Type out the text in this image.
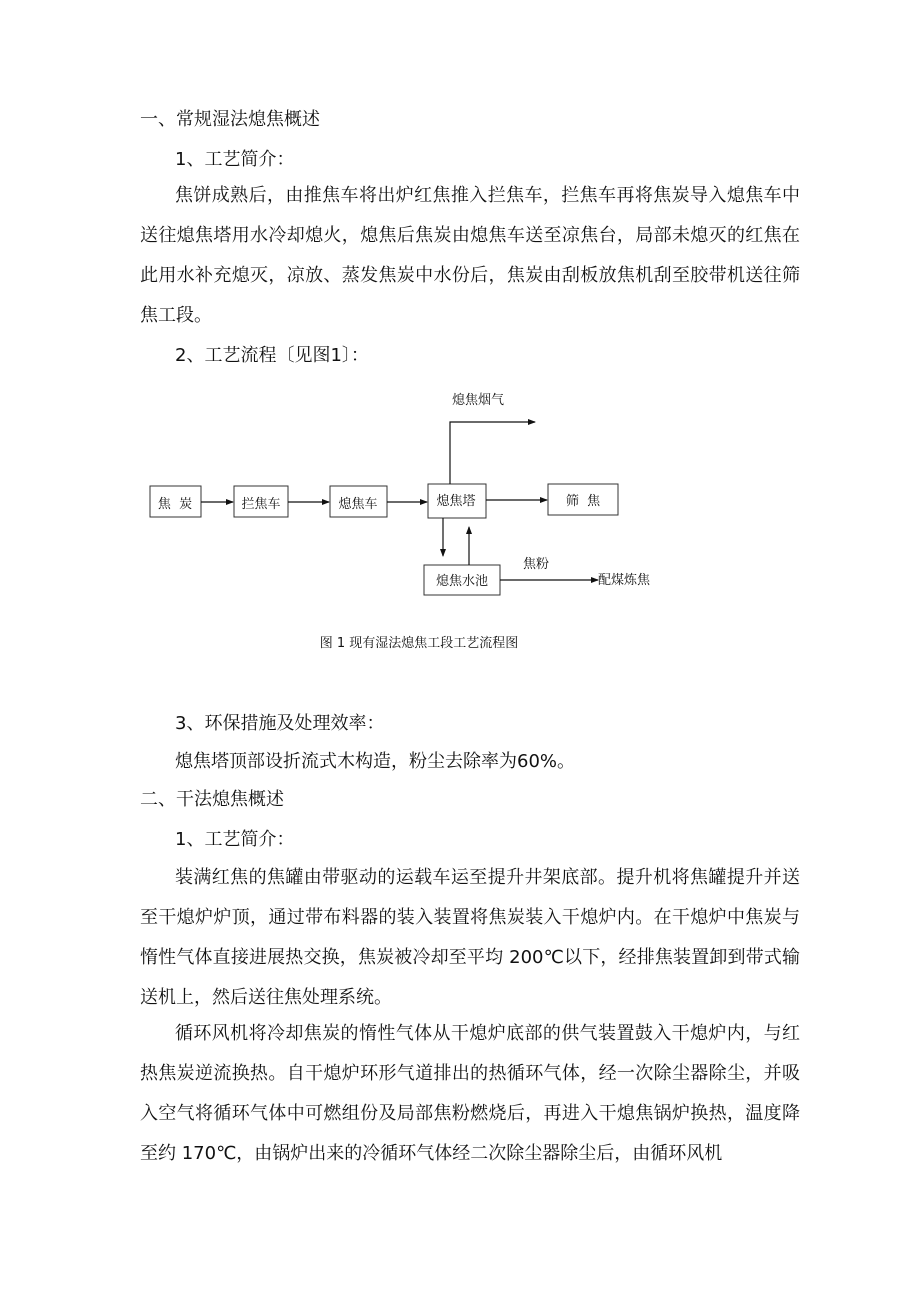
一、常规湿法熄焦概述
1、工艺简介：
焦饼成熟后，由推焦车将出炉红焦推入拦焦车，拦焦车再将焦炭导入熄焦车中送往熄焦塔用水冷却熄火，熄焦后焦炭由熄焦车送至凉焦台，局部未熄灭的红焦在此用水补充熄灭，凉放、蒸发焦炭中水份后，焦炭由刮板放焦机刮至胶带机送往筛焦工段。
2、工艺流程〔见图1〕：
焦  炭	拦焦车	熄焦车	熄焦塔	筛  焦
熄焦水池
熄焦烟气
焦粉
配煤炼焦
图 1 现有湿法熄焦工段工艺流程图
3、环保措施及处理效率：
熄焦塔顶部设折流式木构造，粉尘去除率为60%。
二、干法熄焦概述
1、工艺简介：
装满红焦的焦罐由带驱动的运载车运至提升井架底部。提升机将焦罐提升并送至干熄炉炉顶，通过带布料器的装入装置将焦炭装入干熄炉内。在干熄炉中焦炭与惰性气体直接进展热交换，焦炭被冷却至平均 200℃以下，经排焦装置卸到带式输送机上，然后送往焦处理系统。
循环风机将冷却焦炭的惰性气体从干熄炉底部的供气装置鼓入干熄炉内，与红热焦炭逆流换热。自干熄炉环形气道排出的热循环气体，经一次除尘器除尘，并吸入空气将循环气体中可燃组份及局部焦粉燃烧后，再进入干熄焦锅炉换热，温度降至约 170℃，由锅炉出来的冷循环气体经二次除尘器除尘后，由循环风机
